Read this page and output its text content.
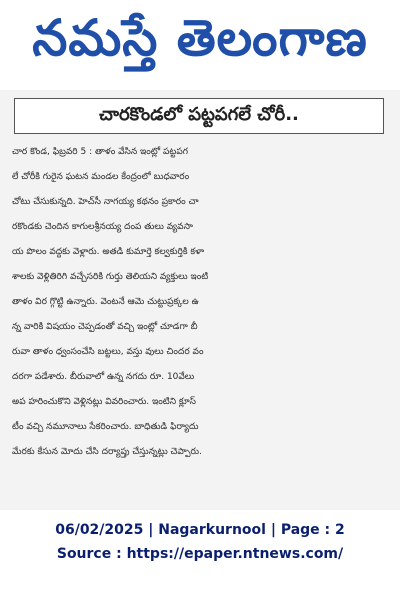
నమస్తే తెలంగాణ
చారకొండలో పట్టపగలే చోరీ..
చార కొండ, ఫిబ్రవరి 5 : తాళం వేసిన ఇంట్లో పట్టపగ
లే చోరీకి గురైన ఘటన మండల కేంద్రంలో బుధవారం
చోటు చేసుకున్నది. హెచ్‌సీ నాగయ్య కథనం ప్రకారం చా
రకొండకు చెందిన కాగులశ్రీనయ్య దంప తులు వ్యవసా
య పొలం వద్దకు వెళ్లారు. అతడి కుమార్తె కల్వకుర్తికి కళా
శాలకు వెళ్లితిరిగి వచ్చేసరికి గుర్తు తెలియని వ్యక్తులు ఇంటి
తాళం విర గ్గొట్టి ఉన్నారు. వెంటనే ఆమె చుట్టుప్రక్కల ఉ
న్న వారికి విషయం చెప్పడంతో వచ్చి ఇంట్లో చూడగా బీ
రువా తాళం ధ్వంసంచేసి బట్టలు, వస్తు వులు చిందర వం
దరగా పడేశారు. బీరువాలో ఉన్న నగదు రూ. 10వేలు
అప హరించుకొని వెళ్లినట్లు వివరించారు. ఇంటిని క్లూస్
టీం వచ్చి నమూనాలు సేకరించారు. బాధితుడి ఫిర్యాదు
మేరకు కేసున మోదు చేసి దర్యాప్తు చేస్తున్నట్లు చెప్పారు.
06/02/2025 | Nagarkurnool | Page : 2
Source : https://epaper.ntnews.com/
